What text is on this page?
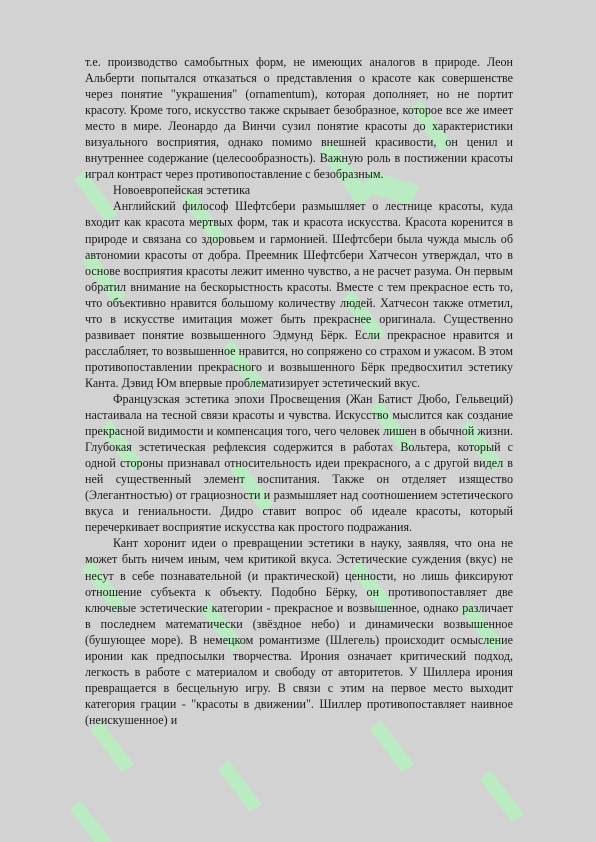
т.е. производство самобытных форм, не имеющих аналогов в природе. Леон Альберти попытался отказаться о представления о красоте как совершенстве через понятие "украшения" (ornamentum), которая дополняет, но не портит красоту. Кроме того, искусство также скрывает безобразное, которое все же имеет место в мире. Леонардо да Винчи сузил понятие красоты до характеристики визуального восприятия, однако помимо внешней красивости, он ценил и внутреннее содержание (целесообразность). Важную роль в постижении красоты играл контраст через противопоставление с безобразным.

Новоевропейская эстетика

Английский философ Шефтсбери размышляет о лестнице красоты, куда входит как красота мертвых форм, так и красота искусства. Красота коренится в природе и связана со здоровьем и гармонией. Шефтсбери была чужда мысль об автономии красоты от добра. Преемник Шефтсбери Хатчесон утверждал, что в основе восприятия красоты лежит именно чувство, а не расчет разума. Он первым обратил внимание на бескорыстность красоты. Вместе с тем прекрасное есть то, что объективно нравится большому количеству людей. Хатчесон также отметил, что в искусстве имитация может быть прекраснее оригинала. Существенно развивает понятие возвышенного Эдмунд Бёрк. Если прекрасное нравится и расслабляет, то возвышенное нравится, но сопряжено со страхом и ужасом. В этом противопоставлении прекрасного и возвышенного Бёрк предвосхитил эстетику Канта. Дэвид Юм впервые проблематизирует эстетический вкус.

Французская эстетика эпохи Просвещения (Жан Батист Дюбо, Гельвеций) настаивала на тесной связи красоты и чувства. Искусство мыслится как создание прекрасной видимости и компенсация того, чего человек лишен в обычной жизни. Глубокая эстетическая рефлексия содержится в работах Вольтера, который с одной стороны признавал относительность идеи прекрасного, а с другой видел в ней существенный элемент воспитания. Также он отделяет изящество (Элегантностью) от грациозности и размышляет над соотношением эстетического вкуса и гениальности. Дидро ставит вопрос об идеале красоты, который перечеркивает восприятие искусства как простого подражания.

Кант хоронит идеи о превращении эстетики в науку, заявляя, что она не может быть ничем иным, чем критикой вкуса. Эстетические суждения (вкус) не несут в себе познавательной (и практической) ценности, но лишь фиксируют отношение субъекта к объекту. Подобно Бёрку, он противопоставляет две ключевые эстетические категории - прекрасное и возвышенное, однако различает в последнем математически (звёздное небо) и динамически возвышенное (бушующее море). В немецком романтизме (Шлегель) происходит осмысление иронии как предпосылки творчества. Ирония означает критический подход, легкость в работе с материалом и свободу от авторитетов. У Шиллера ирония превращается в бесцельную игру. В связи с этим на первое место выходит категория грации - "красоты в движении". Шиллер противопоставляет наивное (неискушенное) и
